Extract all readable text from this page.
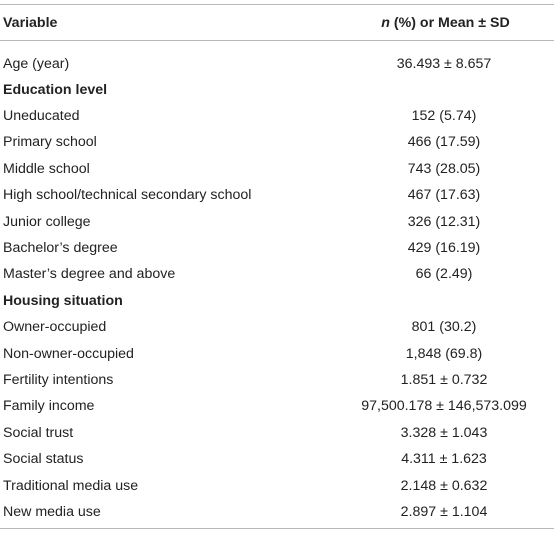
Variable	n (%) or Mean ± SD
Age (year)	36.493 ± 8.657
Education level	
Uneducated	152 (5.74)
Primary school	466 (17.59)
Middle school	743 (28.05)
High school/technical secondary school	467 (17.63)
Junior college	326 (12.31)
Bachelor’s degree	429 (16.19)
Master’s degree and above	66 (2.49)
Housing situation	
Owner-occupied	801 (30.2)
Non-owner-occupied	1,848 (69.8)
Fertility intentions	1.851 ± 0.732
Family income	97,500.178 ± 146,573.099
Social trust	3.328 ± 1.043
Social status	4.311 ± 1.623
Traditional media use	2.148 ± 0.632
New media use	2.897 ± 1.104
